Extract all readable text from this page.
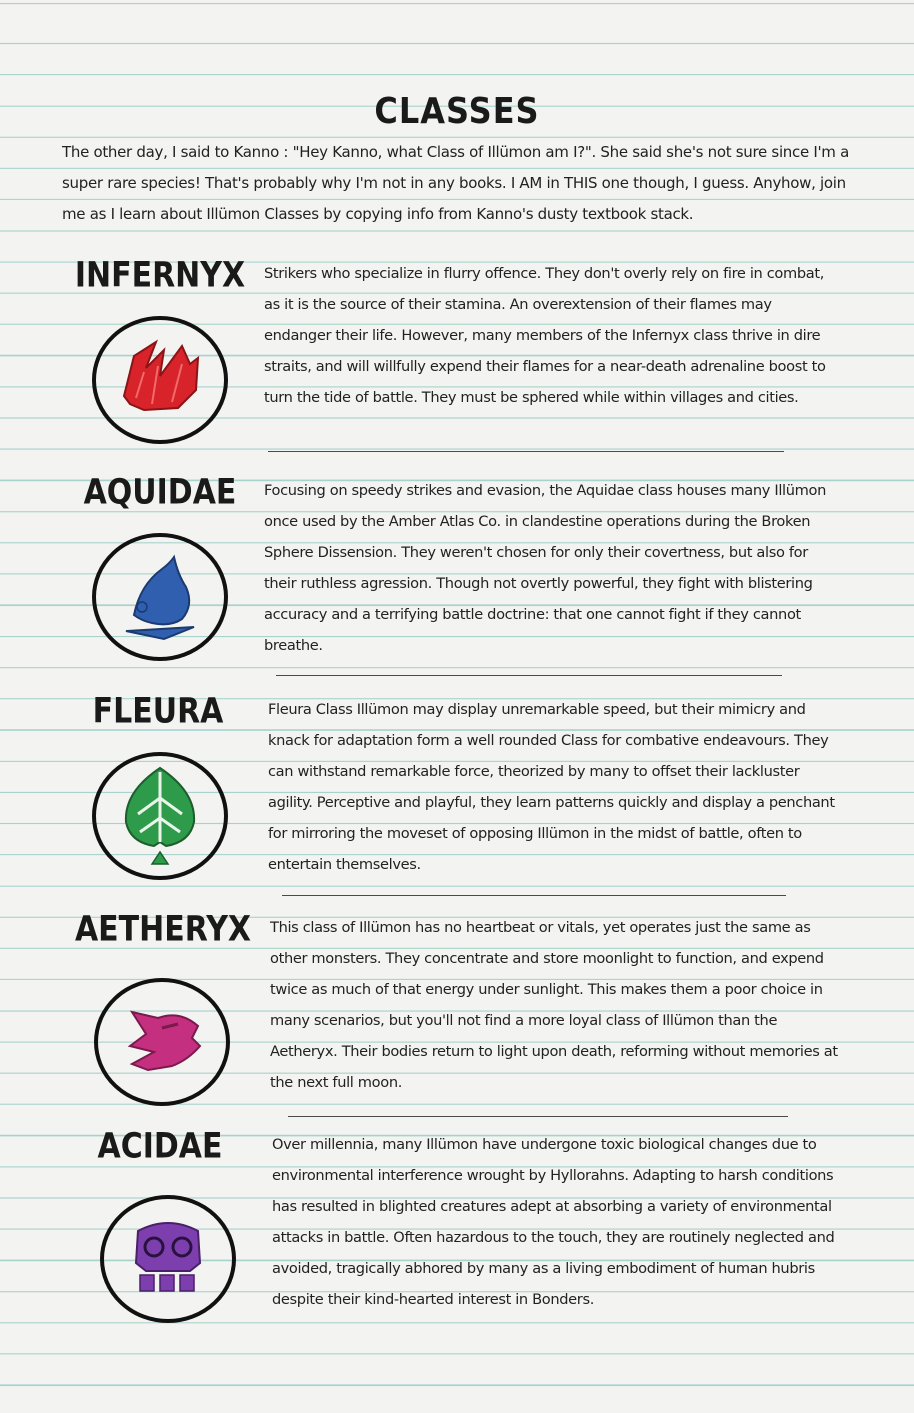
CLASSES

The other day, I said to Kanno : "Hey Kanno, what Class of Illümon am I?". She said she's not sure since I'm a super rare species! That's probably why I'm not in any books. I AM in THIS one though, I guess. Anyhow, join me as I learn about Illümon Classes by copying info from Kanno's dusty textbook stack.

INFERNYX	Strikers who specialize in flurry offence. They don't overly rely on fire in combat, as it is the source of their stamina. An overextension of their flames may endanger their life. However, many members of the Infernyx class thrive in dire straits, and will willfully expend their flames for a near-death adrenaline boost to turn the tide of battle. They must be sphered while within villages and cities.

AQUIDAE	Focusing on speedy strikes and evasion, the Aquidae class houses many Illümon once used by the Amber Atlas Co. in clandestine operations during the Broken Sphere Dissension. They weren't chosen for only their covertness, but also for their ruthless agression. Though not overtly powerful, they fight with blistering accuracy and a terrifying battle doctrine: that one cannot fight if they cannot breathe.

FLEURA	Fleura Class Illümon may display unremarkable speed, but their mimicry and knack for adaptation form a well rounded Class for combative endeavours. They can withstand remarkable force, theorized by many to offset their lackluster agility. Perceptive and playful, they learn patterns quickly and display a penchant for mirroring the moveset of opposing Illümon in the midst of battle, often to entertain themselves.

AETHERYX	This class of Illümon has no heartbeat or vitals, yet operates just the same as other monsters. They concentrate and store moonlight to function, and expend twice as much of that energy under sunlight. This makes them a poor choice in many scenarios, but you'll not find a more loyal class of Illümon than the Aetheryx. Their bodies return to light upon death, reforming without memories at the next full moon.

ACIDAE	Over millennia, many Illümon have undergone toxic biological changes due to environmental interference wrought by Hyllorahns. Adapting to harsh conditions has resulted in blighted creatures adept at absorbing a variety of environmental attacks in battle. Often hazardous to the touch, they are routinely neglected and avoided, tragically abhored by many as a living embodiment of human hubris despite their kind-hearted interest in Bonders.
